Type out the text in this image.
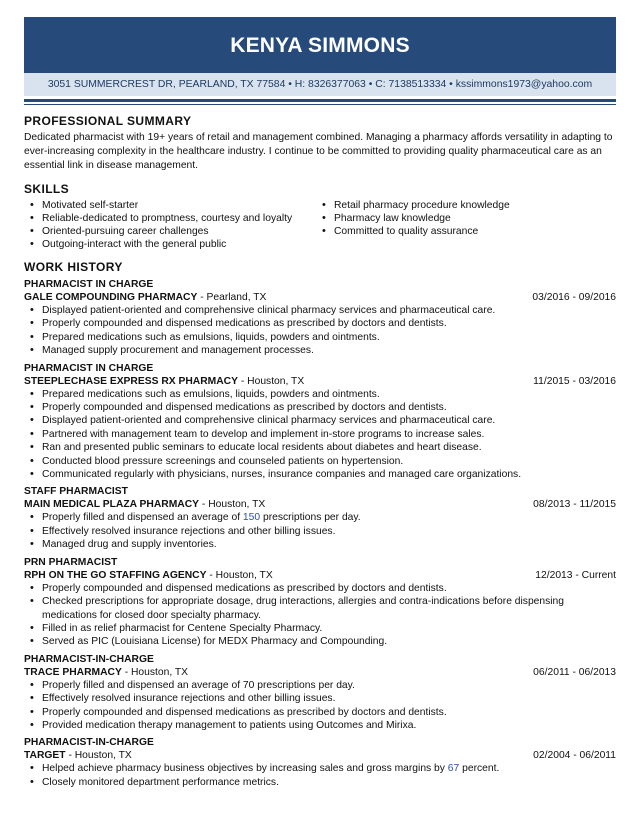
KENYA SIMMONS
3051 SUMMERCREST DR, PEARLAND, TX 77584 • H: 8326377063 • C: 7138513334 • kssimmons1973@yahoo.com
PROFESSIONAL SUMMARY
Dedicated pharmacist with 19+ years of retail and management combined. Managing a pharmacy affords versatility in adapting to ever-increasing complexity in the healthcare industry. I continue to be committed to providing quality pharmaceutical care as an essential link in disease management.
SKILLS
• Motivated self-starter
• Reliable-dedicated to promptness, courtesy and loyalty
• Oriented-pursuing career challenges
• Outgoing-interact with the general public
• Retail pharmacy procedure knowledge
• Pharmacy law knowledge
• Committed to quality assurance
WORK HISTORY
PHARMACIST IN CHARGE
GALE COMPOUNDING PHARMACY - Pearland, TX	03/2016 - 09/2016
• Displayed patient-oriented and comprehensive clinical pharmacy services and pharmaceutical care.
• Properly compounded and dispensed medications as prescribed by doctors and dentists.
• Prepared medications such as emulsions, liquids, powders and ointments.
• Managed supply procurement and management processes.
PHARMACIST IN CHARGE
STEEPLECHASE EXPRESS RX PHARMACY - Houston, TX	11/2015 - 03/2016
• Prepared medications such as emulsions, liquids, powders and ointments.
• Properly compounded and dispensed medications as prescribed by doctors and dentists.
• Displayed patient-oriented and comprehensive clinical pharmacy services and pharmaceutical care.
• Partnered with management team to develop and implement in-store programs to increase sales.
• Ran and presented public seminars to educate local residents about diabetes and heart disease.
• Conducted blood pressure screenings and counseled patients on hypertension.
• Communicated regularly with physicians, nurses, insurance companies and managed care organizations.
STAFF PHARMACIST
MAIN MEDICAL PLAZA PHARMACY - Houston, TX	08/2013 - 11/2015
• Properly filled and dispensed an average of 150 prescriptions per day.
• Effectively resolved insurance rejections and other billing issues.
• Managed drug and supply inventories.
PRN PHARMACIST
RPH ON THE GO STAFFING AGENCY - Houston, TX	12/2013 - Current
• Properly compounded and dispensed medications as prescribed by doctors and dentists.
• Checked prescriptions for appropriate dosage, drug interactions, allergies and contra-indications before dispensing medications for closed door specialty pharmacy.
• Filled in as relief pharmacist for Centene Specialty Pharmacy.
• Served as PIC (Louisiana License) for MEDX Pharmacy and Compounding.
PHARMACIST-IN-CHARGE
TRACE PHARMACY - Houston, TX	06/2011 - 06/2013
• Properly filled and dispensed an average of 70 prescriptions per day.
• Effectively resolved insurance rejections and other billing issues.
• Properly compounded and dispensed medications as prescribed by doctors and dentists.
• Provided medication therapy management to patients using Outcomes and Mirixa.
PHARMACIST-IN-CHARGE
TARGET - Houston, TX	02/2004 - 06/2011
• Helped achieve pharmacy business objectives by increasing sales and gross margins by 67 percent.
• Closely monitored department performance metrics.
